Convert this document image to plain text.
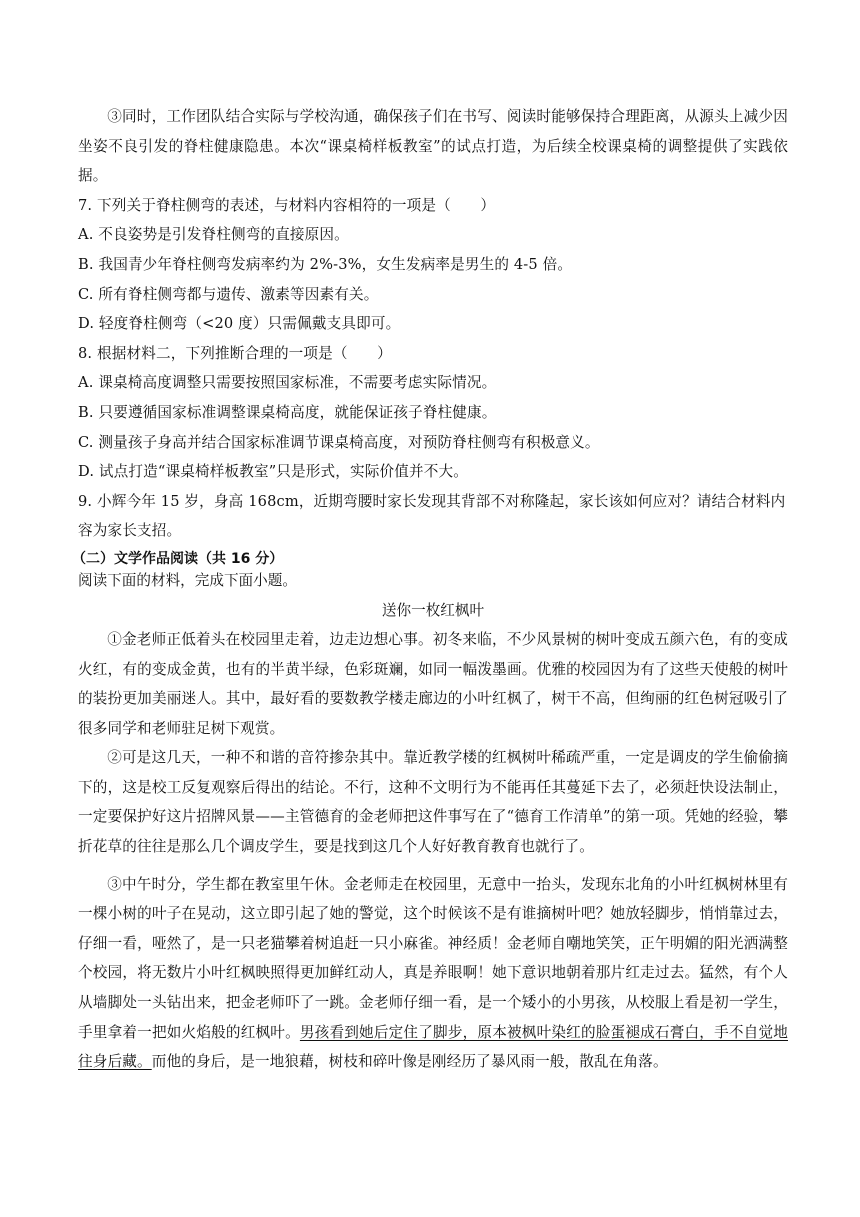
③同时，工作团队结合实际与学校沟通，确保孩子们在书写、阅读时能够保持合理距离，从源头上减少因坐姿不良引发的脊柱健康隐患。本次“课桌椅样板教室”的试点打造，为后续全校课桌椅的调整提供了实践依据。

7. 下列关于脊柱侧弯的表述，与材料内容相符的一项是（　　）

A. 不良姿势是引发脊柱侧弯的直接原因。

B. 我国青少年脊柱侧弯发病率约为 2%-3%，女生发病率是男生的 4-5 倍。

C. 所有脊柱侧弯都与遗传、激素等因素有关。

D. 轻度脊柱侧弯（<20 度）只需佩戴支具即可。

8. 根据材料二，下列推断合理的一项是（　　）

A. 课桌椅高度调整只需要按照国家标准，不需要考虑实际情况。

B. 只要遵循国家标准调整课桌椅高度，就能保证孩子脊柱健康。

C. 测量孩子身高并结合国家标准调节课桌椅高度，对预防脊柱侧弯有积极意义。

D. 试点打造“课桌椅样板教室”只是形式，实际价值并不大。

9. 小辉今年 15 岁，身高 168cm，近期弯腰时家长发现其背部不对称隆起，家长该如何应对？请结合材料内容为家长支招。

（二）文学作品阅读（共 16 分）

阅读下面的材料，完成下面小题。

送你一枚红枫叶

①金老师正低着头在校园里走着，边走边想心事。初冬来临，不少风景树的树叶变成五颜六色，有的变成火红，有的变成金黄，也有的半黄半绿，色彩斑斓，如同一幅泼墨画。优雅的校园因为有了这些天使般的树叶的装扮更加美丽迷人。其中，最好看的要数教学楼走廊边的小叶红枫了，树干不高，但绚丽的红色树冠吸引了很多同学和老师驻足树下观赏。

②可是这几天，一种不和谐的音符掺杂其中。靠近教学楼的红枫树叶稀疏严重，一定是调皮的学生偷偷摘下的，这是校工反复观察后得出的结论。不行，这种不文明行为不能再任其蔓延下去了，必须赶快设法制止，一定要保护好这片招牌风景——主管德育的金老师把这件事写在了“德育工作清单”的第一项。凭她的经验，攀折花草的往往是那么几个调皮学生，要是找到这几个人好好教育教育也就行了。

③中午时分，学生都在教室里午休。金老师走在校园里，无意中一抬头，发现东北角的小叶红枫树林里有一棵小树的叶子在晃动，这立即引起了她的警觉，这个时候该不是有谁摘树叶吧？她放轻脚步，悄悄靠过去，仔细一看，哑然了，是一只老猫攀着树追赶一只小麻雀。神经质！金老师自嘲地笑笑，正午明媚的阳光洒满整个校园，将无数片小叶红枫映照得更加鲜红动人，真是养眼啊！她下意识地朝着那片红走过去。猛然，有个人从墙脚处一头钻出来，把金老师吓了一跳。金老师仔细一看，是一个矮小的小男孩，从校服上看是初一学生，手里拿着一把如火焰般的红枫叶。男孩看到她后定住了脚步，原本被枫叶染红的脸蛋褪成石膏白，手不自觉地往身后藏。而他的身后，是一地狼藉，树枝和碎叶像是刚经历了暴风雨一般，散乱在角落。
